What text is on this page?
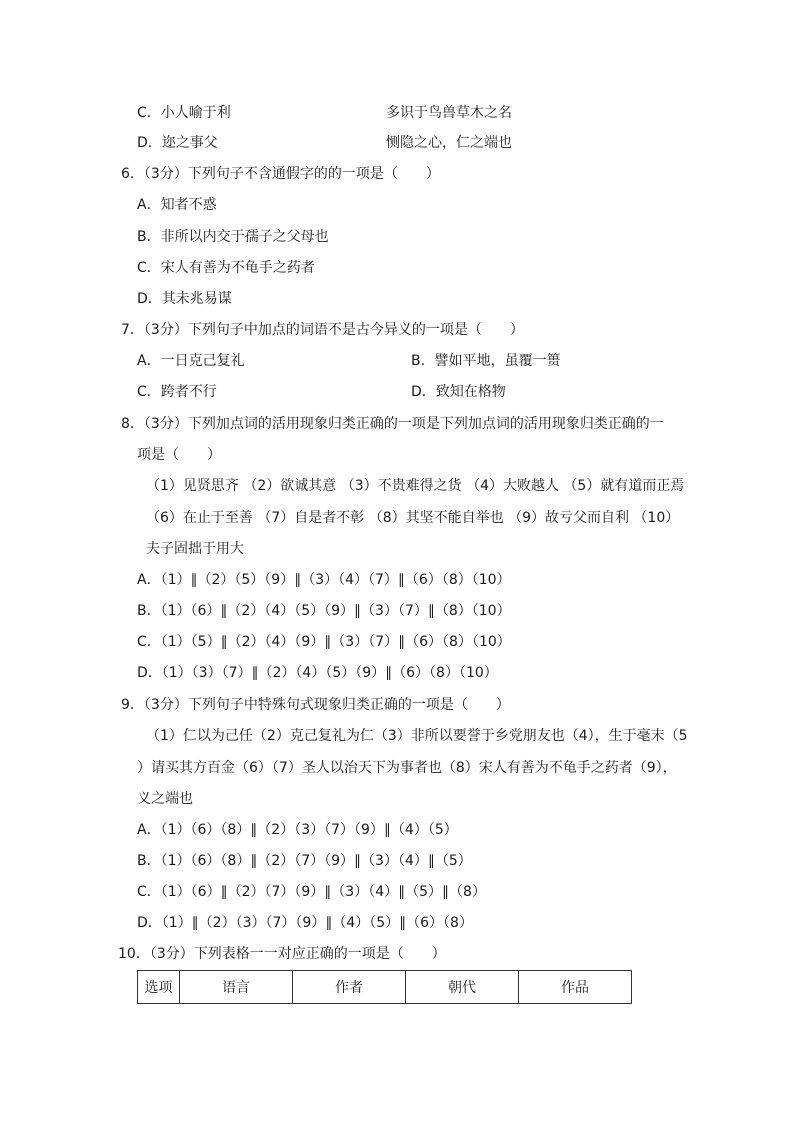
C．小人喻于利	多识于鸟兽草木之名
D．迩之事父	恻隐之心，仁之端也
6．（3分）下列句子不含通假字的的一项是（　　）
A．知者不惑
B．非所以内交于孺子之父母也
C．宋人有善为不龟手之药者
D．其未兆易谋
7．（3分）下列句子中加点的词语不是古今异义的一项是（　　）
A．一日克己复礼	B．譬如平地，虽覆一篑
C．跨者不行	D．致知在格物
8．（3分）下列加点词的活用现象归类正确的一项是下列加点词的活用现象归类正确的一
项是（　　）
（1）见贤思齐 （2）欲诚其意 （3）不贵难得之货 （4）大败越人 （5）就有道而正焉
（6）在止于至善 （7）自是者不彰 （8）其坚不能自举也 （9）故亏父而自利 （10）
夫子固拙于用大
A．（1）∥（2）（5）（9）∥（3）（4）（7）∥（6）（8）（10）
B．（1）（6）∥（2）（4）（5）（9）∥（3）（7）∥（8）（10）
C．（1）（5）∥（2）（4）（9）∥（3）（7）∥（6）（8）（10）
D．（1）（3）（7）∥（2）（4）（5）（9）∥（6）（8）（10）
9．（3分）下列句子中特殊句式现象归类正确的一项是（　　）
（1）仁以为己任（2）克己复礼为仁（3）非所以要誉于乡党朋友也（4），生于毫末（5
）请买其方百金（6）（7）圣人以治天下为事者也（8）宋人有善为不龟手之药者（9），
义之端也
A．（1）（6）（8）∥（2）（3）（7）（9）∥（4）（5）
B．（1）（6）（8）∥（2）（7）（9）∥（3）（4）∥（5）
C．（1）（6）∥（2）（7）（9）∥（3）（4）∥（5）∥（8）
D．（1）∥（2）（3）（7）（9）∥（4）（5）∥（6）（8）
10．（3分）下列表格一一对应正确的一项是（　　）
选项	语言	作者	朝代	作品
